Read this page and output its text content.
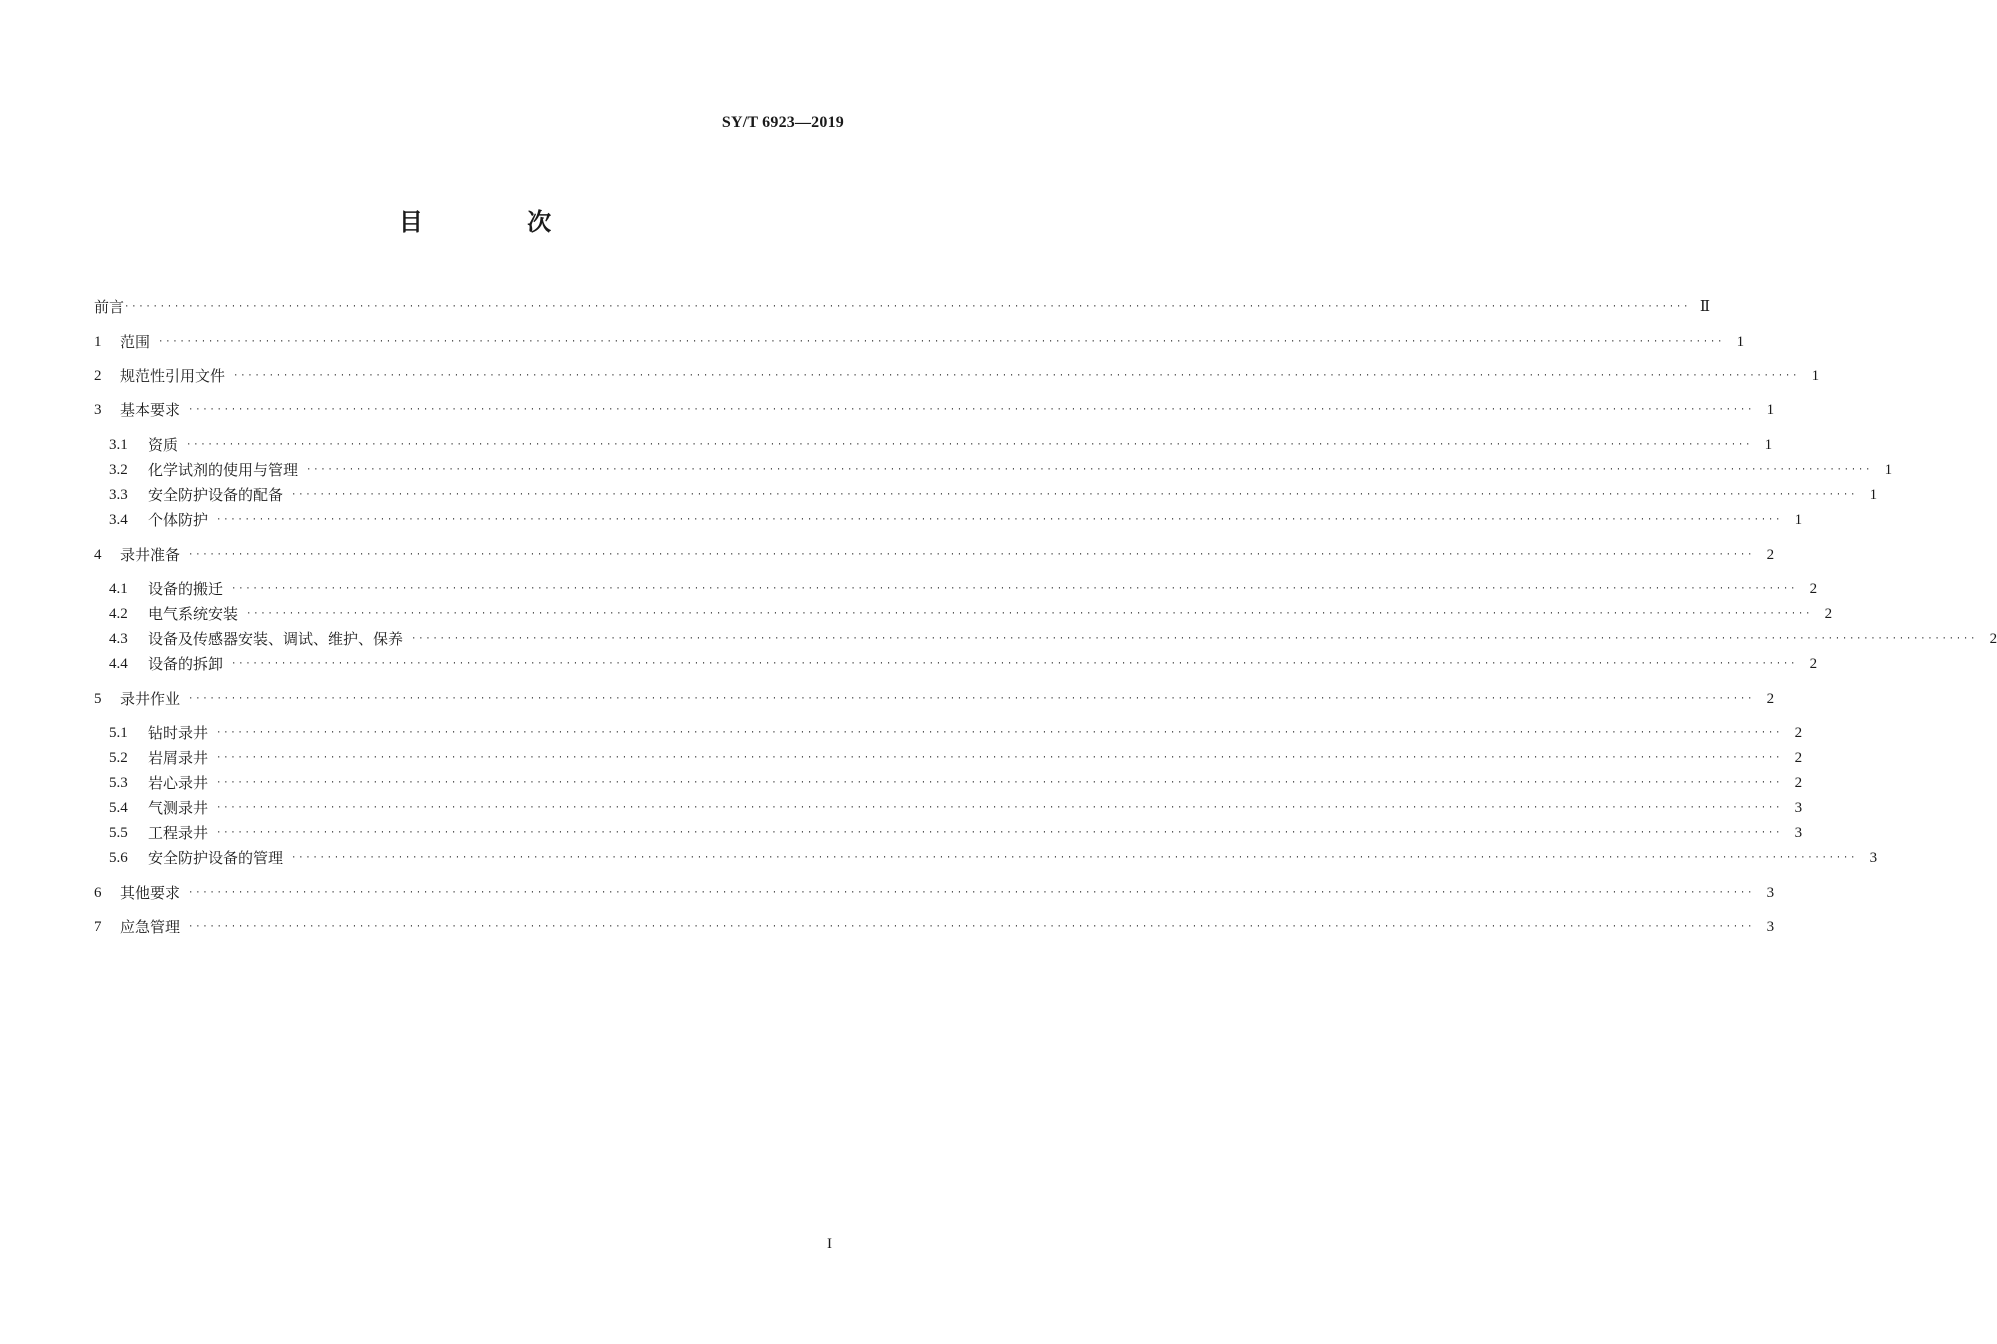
SY/T 6923—2019
目 次
前言 ···························································································································································································································· Ⅱ
1	范围 ···························································································································································································································· 1
2	规范性引用文件 ···························································································································································································································· 1
3	基本要求 ···························································································································································································································· 1
3.1	资质 ···························································································································································································································· 1
3.2	化学试剂的使用与管理 ···························································································································································································································· 1
3.3	安全防护设备的配备 ···························································································································································································································· 1
3.4	个体防护 ···························································································································································································································· 1
4	录井准备 ···························································································································································································································· 2
4.1	设备的搬迁 ···························································································································································································································· 2
4.2	电气系统安装 ···························································································································································································································· 2
4.3	设备及传感器安装、调试、维护、保养 ···························································································································································································································· 2
4.4	设备的拆卸 ···························································································································································································································· 2
5	录井作业 ···························································································································································································································· 2
5.1	钻时录井 ···························································································································································································································· 2
5.2	岩屑录井 ···························································································································································································································· 2
5.3	岩心录井 ···························································································································································································································· 2
5.4	气测录井 ···························································································································································································································· 3
5.5	工程录井 ···························································································································································································································· 3
5.6	安全防护设备的管理 ···························································································································································································································· 3
6	其他要求 ···························································································································································································································· 3
7	应急管理 ···························································································································································································································· 3
I
